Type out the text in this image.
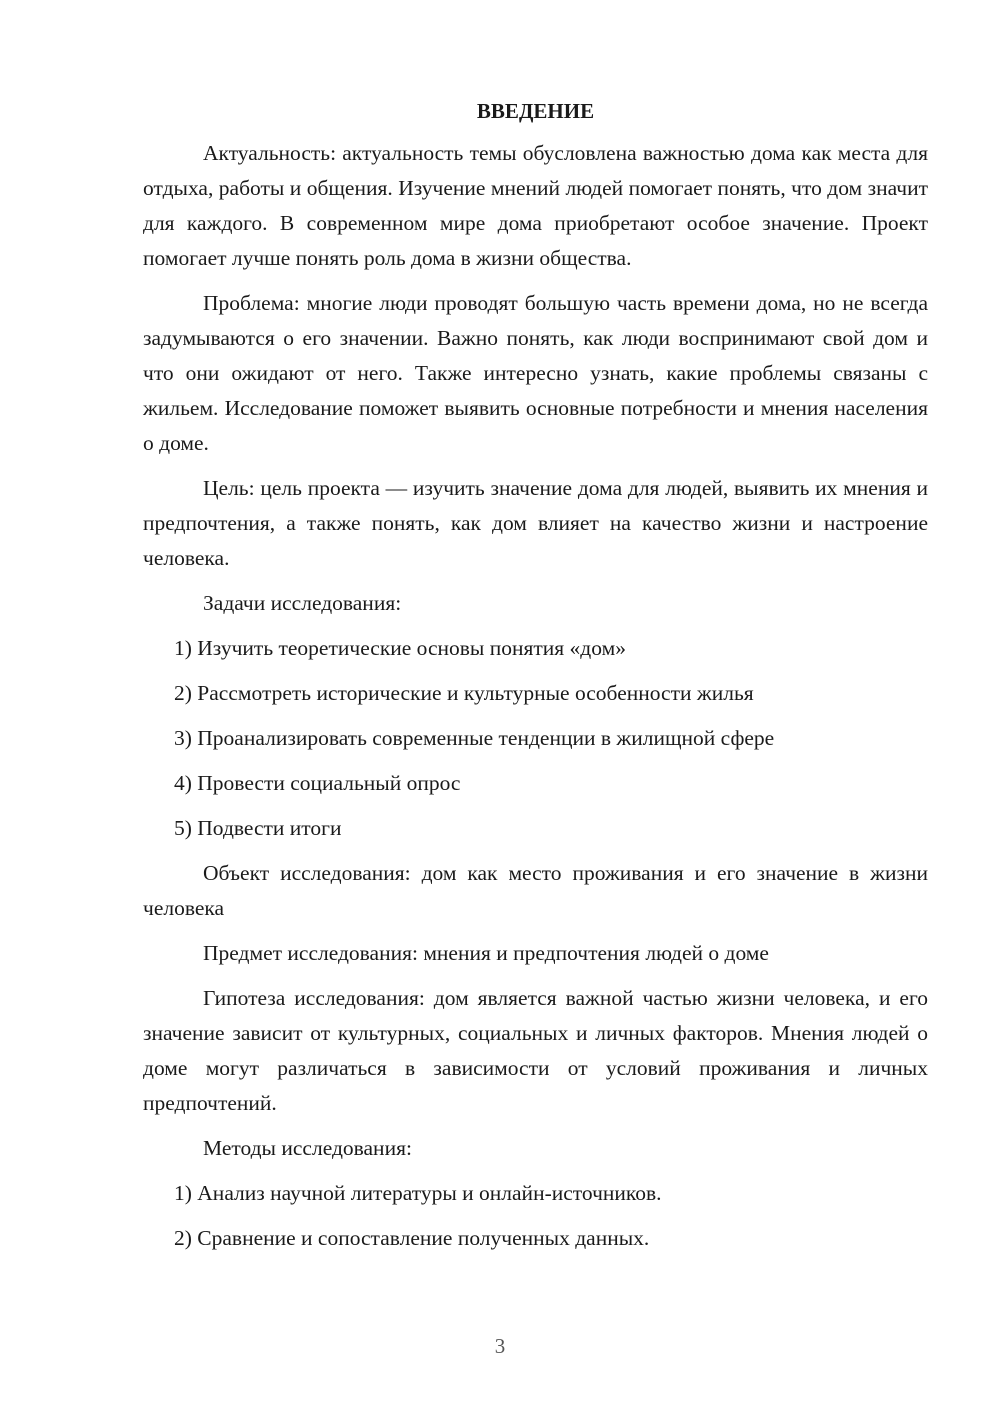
ВВЕДЕНИЕ

Актуальность: актуальность темы обусловлена важностью дома как места для отдыха, работы и общения. Изучение мнений людей помогает понять, что дом значит для каждого. В современном мире дома приобретают особое значение. Проект помогает лучше понять роль дома в жизни общества.

Проблема: многие люди проводят большую часть времени дома, но не всегда задумываются о его значении. Важно понять, как люди воспринимают свой дом и что они ожидают от него. Также интересно узнать, какие проблемы связаны с жильем. Исследование поможет выявить основные потребности и мнения населения о доме.

Цель: цель проекта — изучить значение дома для людей, выявить их мнения и предпочтения, а также понять, как дом влияет на качество жизни и настроение человека.

Задачи исследования:

1) Изучить теоретические основы понятия «дом»
2) Рассмотреть исторические и культурные особенности жилья
3) Проанализировать современные тенденции в жилищной сфере
4) Провести социальный опрос
5) Подвести итоги

Объект исследования: дом как место проживания и его значение в жизни человека

Предмет исследования: мнения и предпочтения людей о доме

Гипотеза исследования: дом является важной частью жизни человека, и его значение зависит от культурных, социальных и личных факторов. Мнения людей о доме могут различаться в зависимости от условий проживания и личных предпочтений.

Методы исследования:

1) Анализ научной литературы и онлайн-источников.
2) Сравнение и сопоставление полученных данных.
3
